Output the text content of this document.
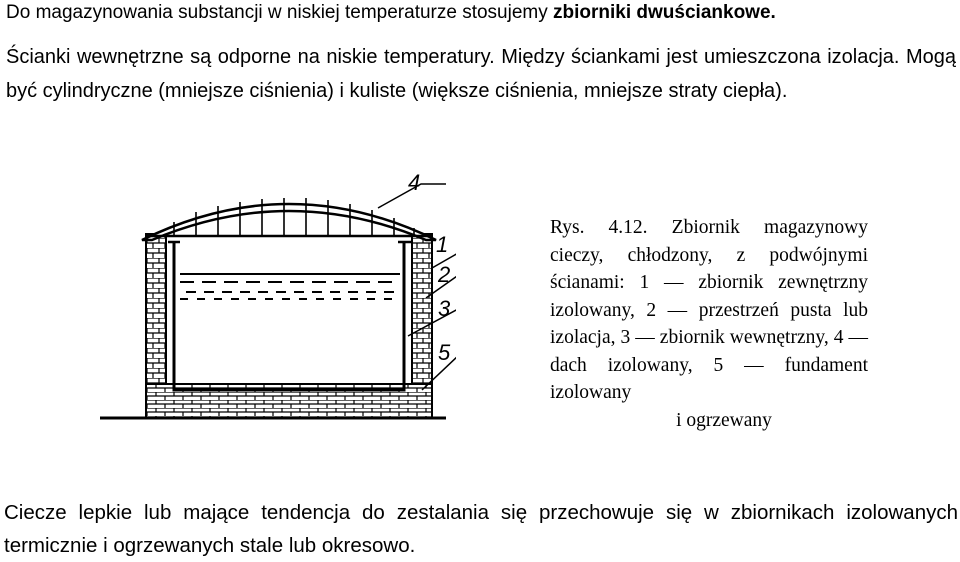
Do magazynowania substancji w niskiej temperaturze stosujemy zbiorniki dwuściankowe.
Ścianki wewnętrzne są odporne na niskie temperatury. Między ściankami jest umieszczona izolacja. Mogą być cylindryczne (mniejsze ciśnienia) i kuliste (większe ciśnienia, mniejsze straty ciepła).
4
1
2
3
5
Rys. 4.12. Zbiornik magazynowy cieczy, chłodzony, z podwójnymi ścianami: 1 — zbiornik zewnętrzny izolowany, 2 — przestrzeń pusta lub izolacja, 3 — zbiornik wewnętrzny, 4 — dach izolowany, 5 — fundament izolowany
i ogrzewany
Ciecze lepkie lub mające tendencja do zestalania się przechowuje się w zbiornikach izolowanych termicznie i ogrzewanych stale lub okresowo.
